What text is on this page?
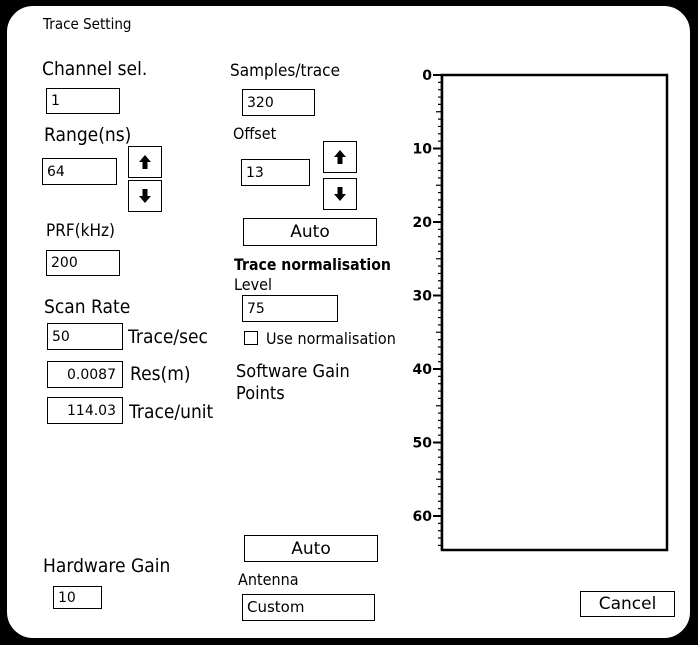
Trace Setting
Channel sel.
1
Range(ns)
64
PRF(kHz)
200
Scan Rate
50	Trace/sec
0.0087 Res(m)
114.03 Trace/unit
Hardware Gain
10
Samples/trace
320
Offset
13
Auto
Trace normalisation
Level
75
Use normalisation
Software Gain
Points
Auto
Antenna
Custom	Cancel
0
10
20
30
40
50
60
